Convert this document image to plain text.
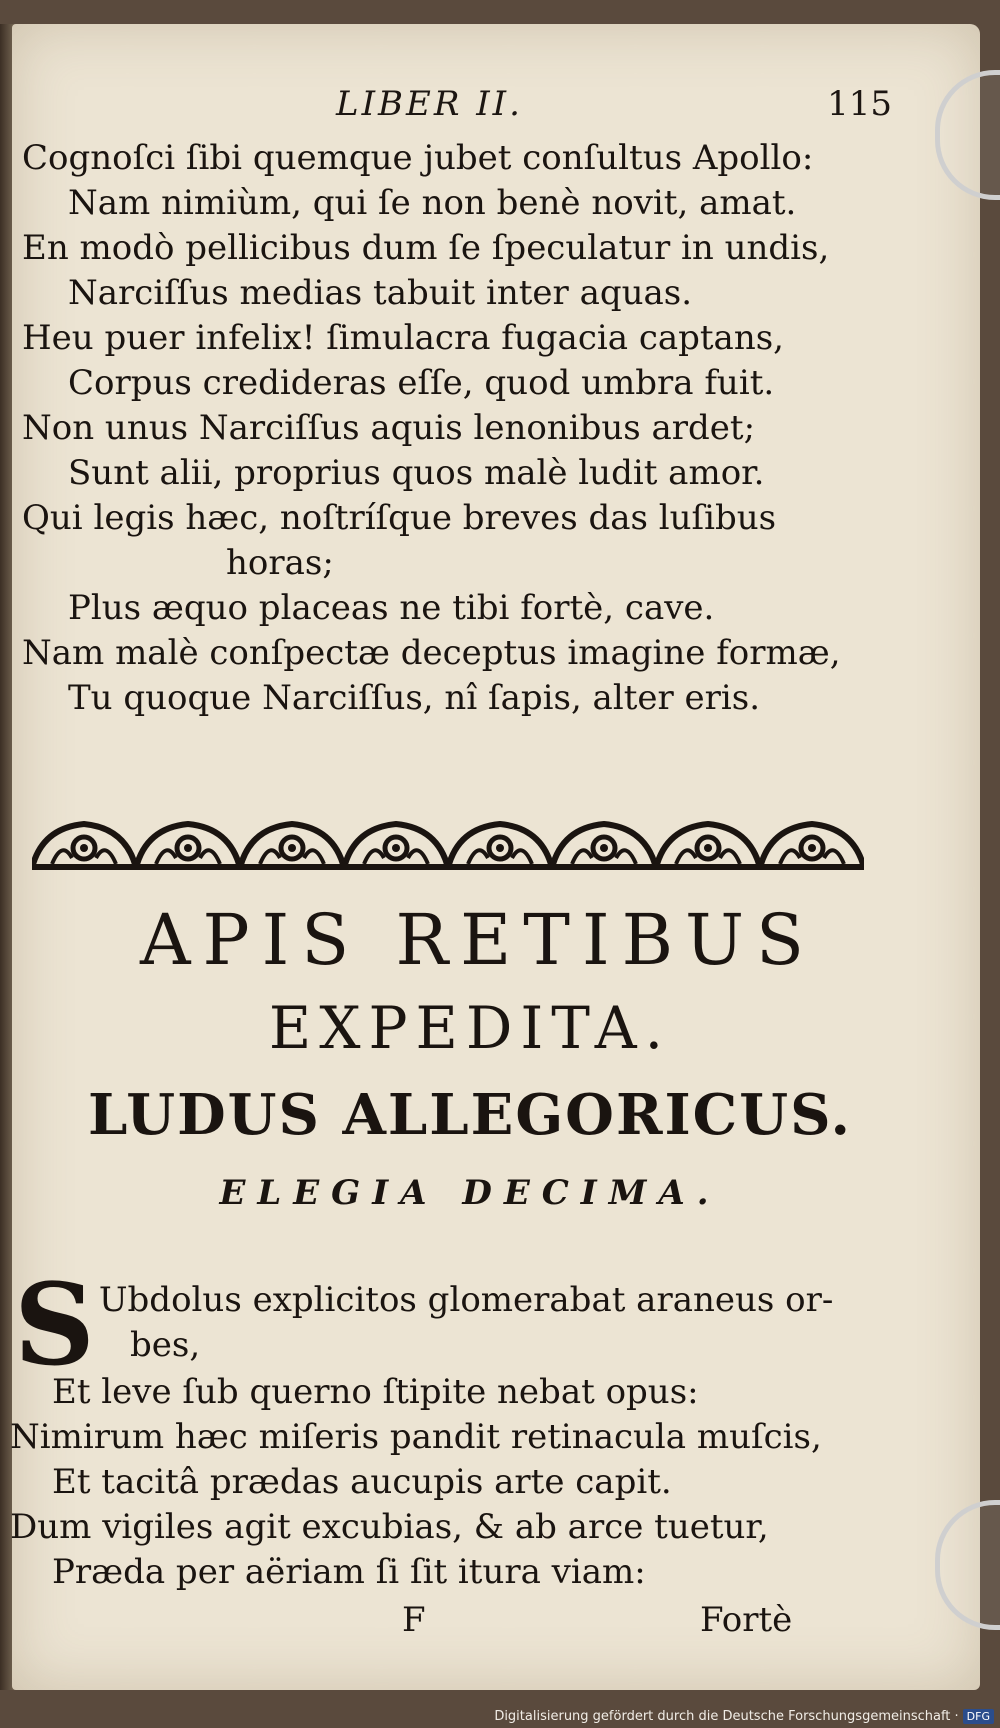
LIBER II.	115
Cognoſci ſibi quemque jubet conſultus Apollo:
Nam nimiùm, qui ſe non benè novit, amat.
En modò pellicibus dum ſe ſpeculatur in undis,
Narciſſus medias tabuit inter aquas.
Heu puer infelix! ſimulacra fugacia captans,
Corpus credideras eſſe, quod umbra fuit.
Non unus Narciſſus aquis lenonibus ardet;
Sunt alii, proprius quos malè ludit amor.
Qui legis hæc, noſtríſque breves das luſibus
horas;
Plus æquo placeas ne tibi fortè, cave.
Nam malè conſpectæ deceptus imagine formæ,
Tu quoque Narciſſus, nî ſapis, alter eris.
APIS RETIBUS
EXPEDITA.
LUDUS ALLEGORICUS.
ELEGIA DECIMA.
S Ubdolus explicitos glomerabat araneus or-
bes,
Et leve ſub querno ſtipite nebat opus:
Nimirum hæc miſeris pandit retinacula muſcis,
Et tacitâ prædas aucupis arte capit.
Dum vigiles agit excubias, & ab arce tuetur,
Præda per aëriam ſi ſit itura viam:
F	Fortè
Digitalisierung gefördert durch die Deutsche Forschungsgemeinschaft · DFG
